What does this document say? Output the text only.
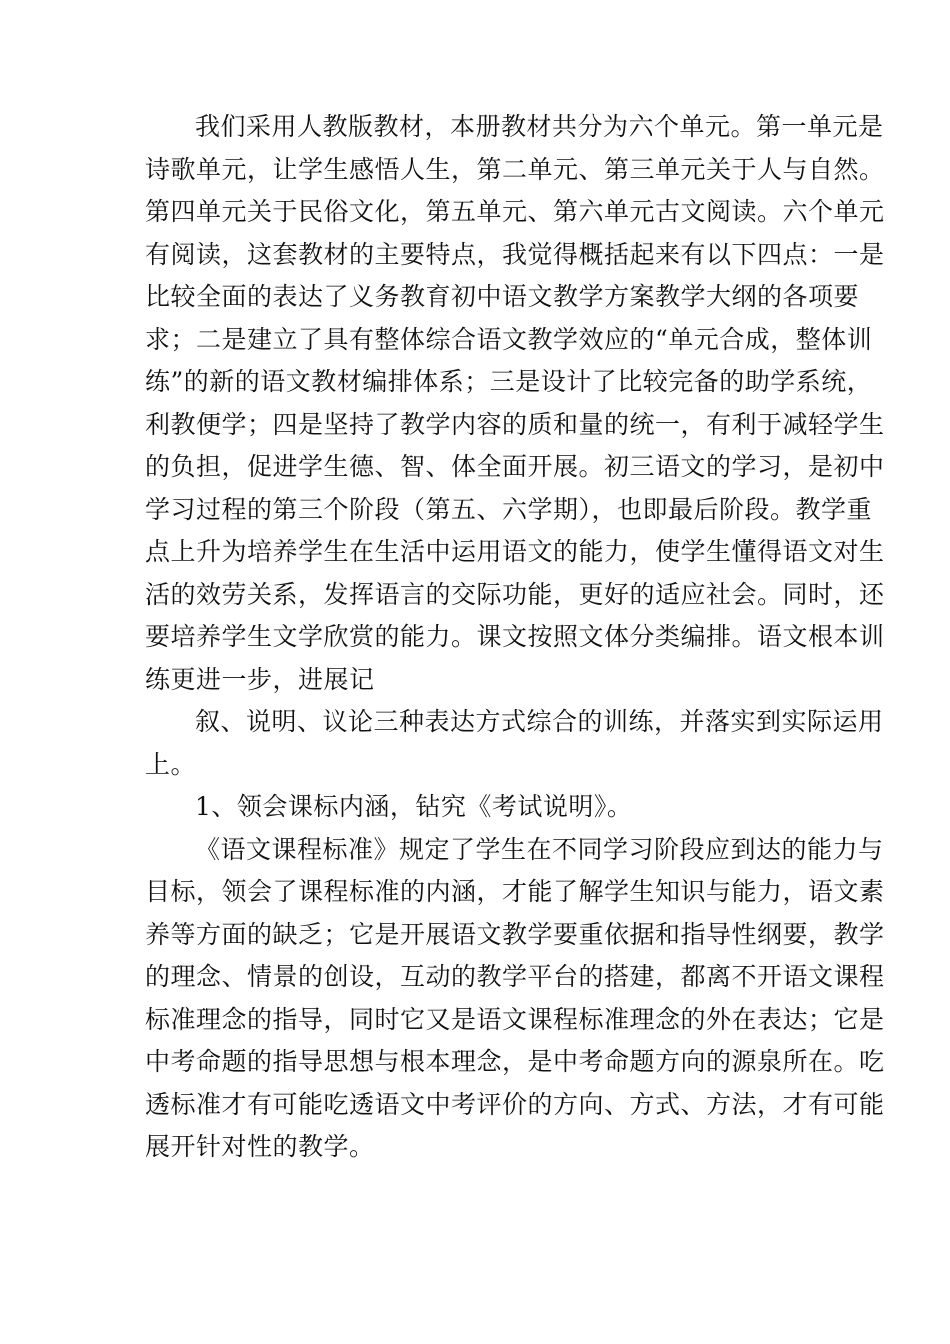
我们采用人教版教材，本册教材共分为六个单元。第一单元是
诗歌单元，让学生感悟人生，第二单元、第三单元关于人与自然。
第四单元关于民俗文化，第五单元、第六单元古文阅读。六个单元
有阅读，这套教材的主要特点，我觉得概括起来有以下四点：一是
比较全面的表达了义务教育初中语文教学方案教学大纲的各项要
求；二是建立了具有整体综合语文教学效应的“单元合成，整体训
练”的新的语文教材编排体系；三是设计了比较完备的助学系统，
利教便学；四是坚持了教学内容的质和量的统一，有利于减轻学生
的负担，促进学生德、智、体全面开展。初三语文的学习，是初中
学习过程的第三个阶段（第五、六学期），也即最后阶段。教学重
点上升为培养学生在生活中运用语文的能力，使学生懂得语文对生
活的效劳关系，发挥语言的交际功能，更好的适应社会。同时，还
要培养学生文学欣赏的能力。课文按照文体分类编排。语文根本训
练更进一步，进展记
叙、说明、议论三种表达方式综合的训练，并落实到实际运用
上。
1、领会课标内涵，钻究《考试说明》。
《语文课程标准》规定了学生在不同学习阶段应到达的能力与
目标，领会了课程标准的内涵，才能了解学生知识与能力，语文素
养等方面的缺乏；它是开展语文教学要重依据和指导性纲要，教学
的理念、情景的创设，互动的教学平台的搭建，都离不开语文课程
标准理念的指导，同时它又是语文课程标准理念的外在表达；它是
中考命题的指导思想与根本理念，是中考命题方向的源泉所在。吃
透标准才有可能吃透语文中考评价的方向、方式、方法，才有可能
展开针对性的教学。
